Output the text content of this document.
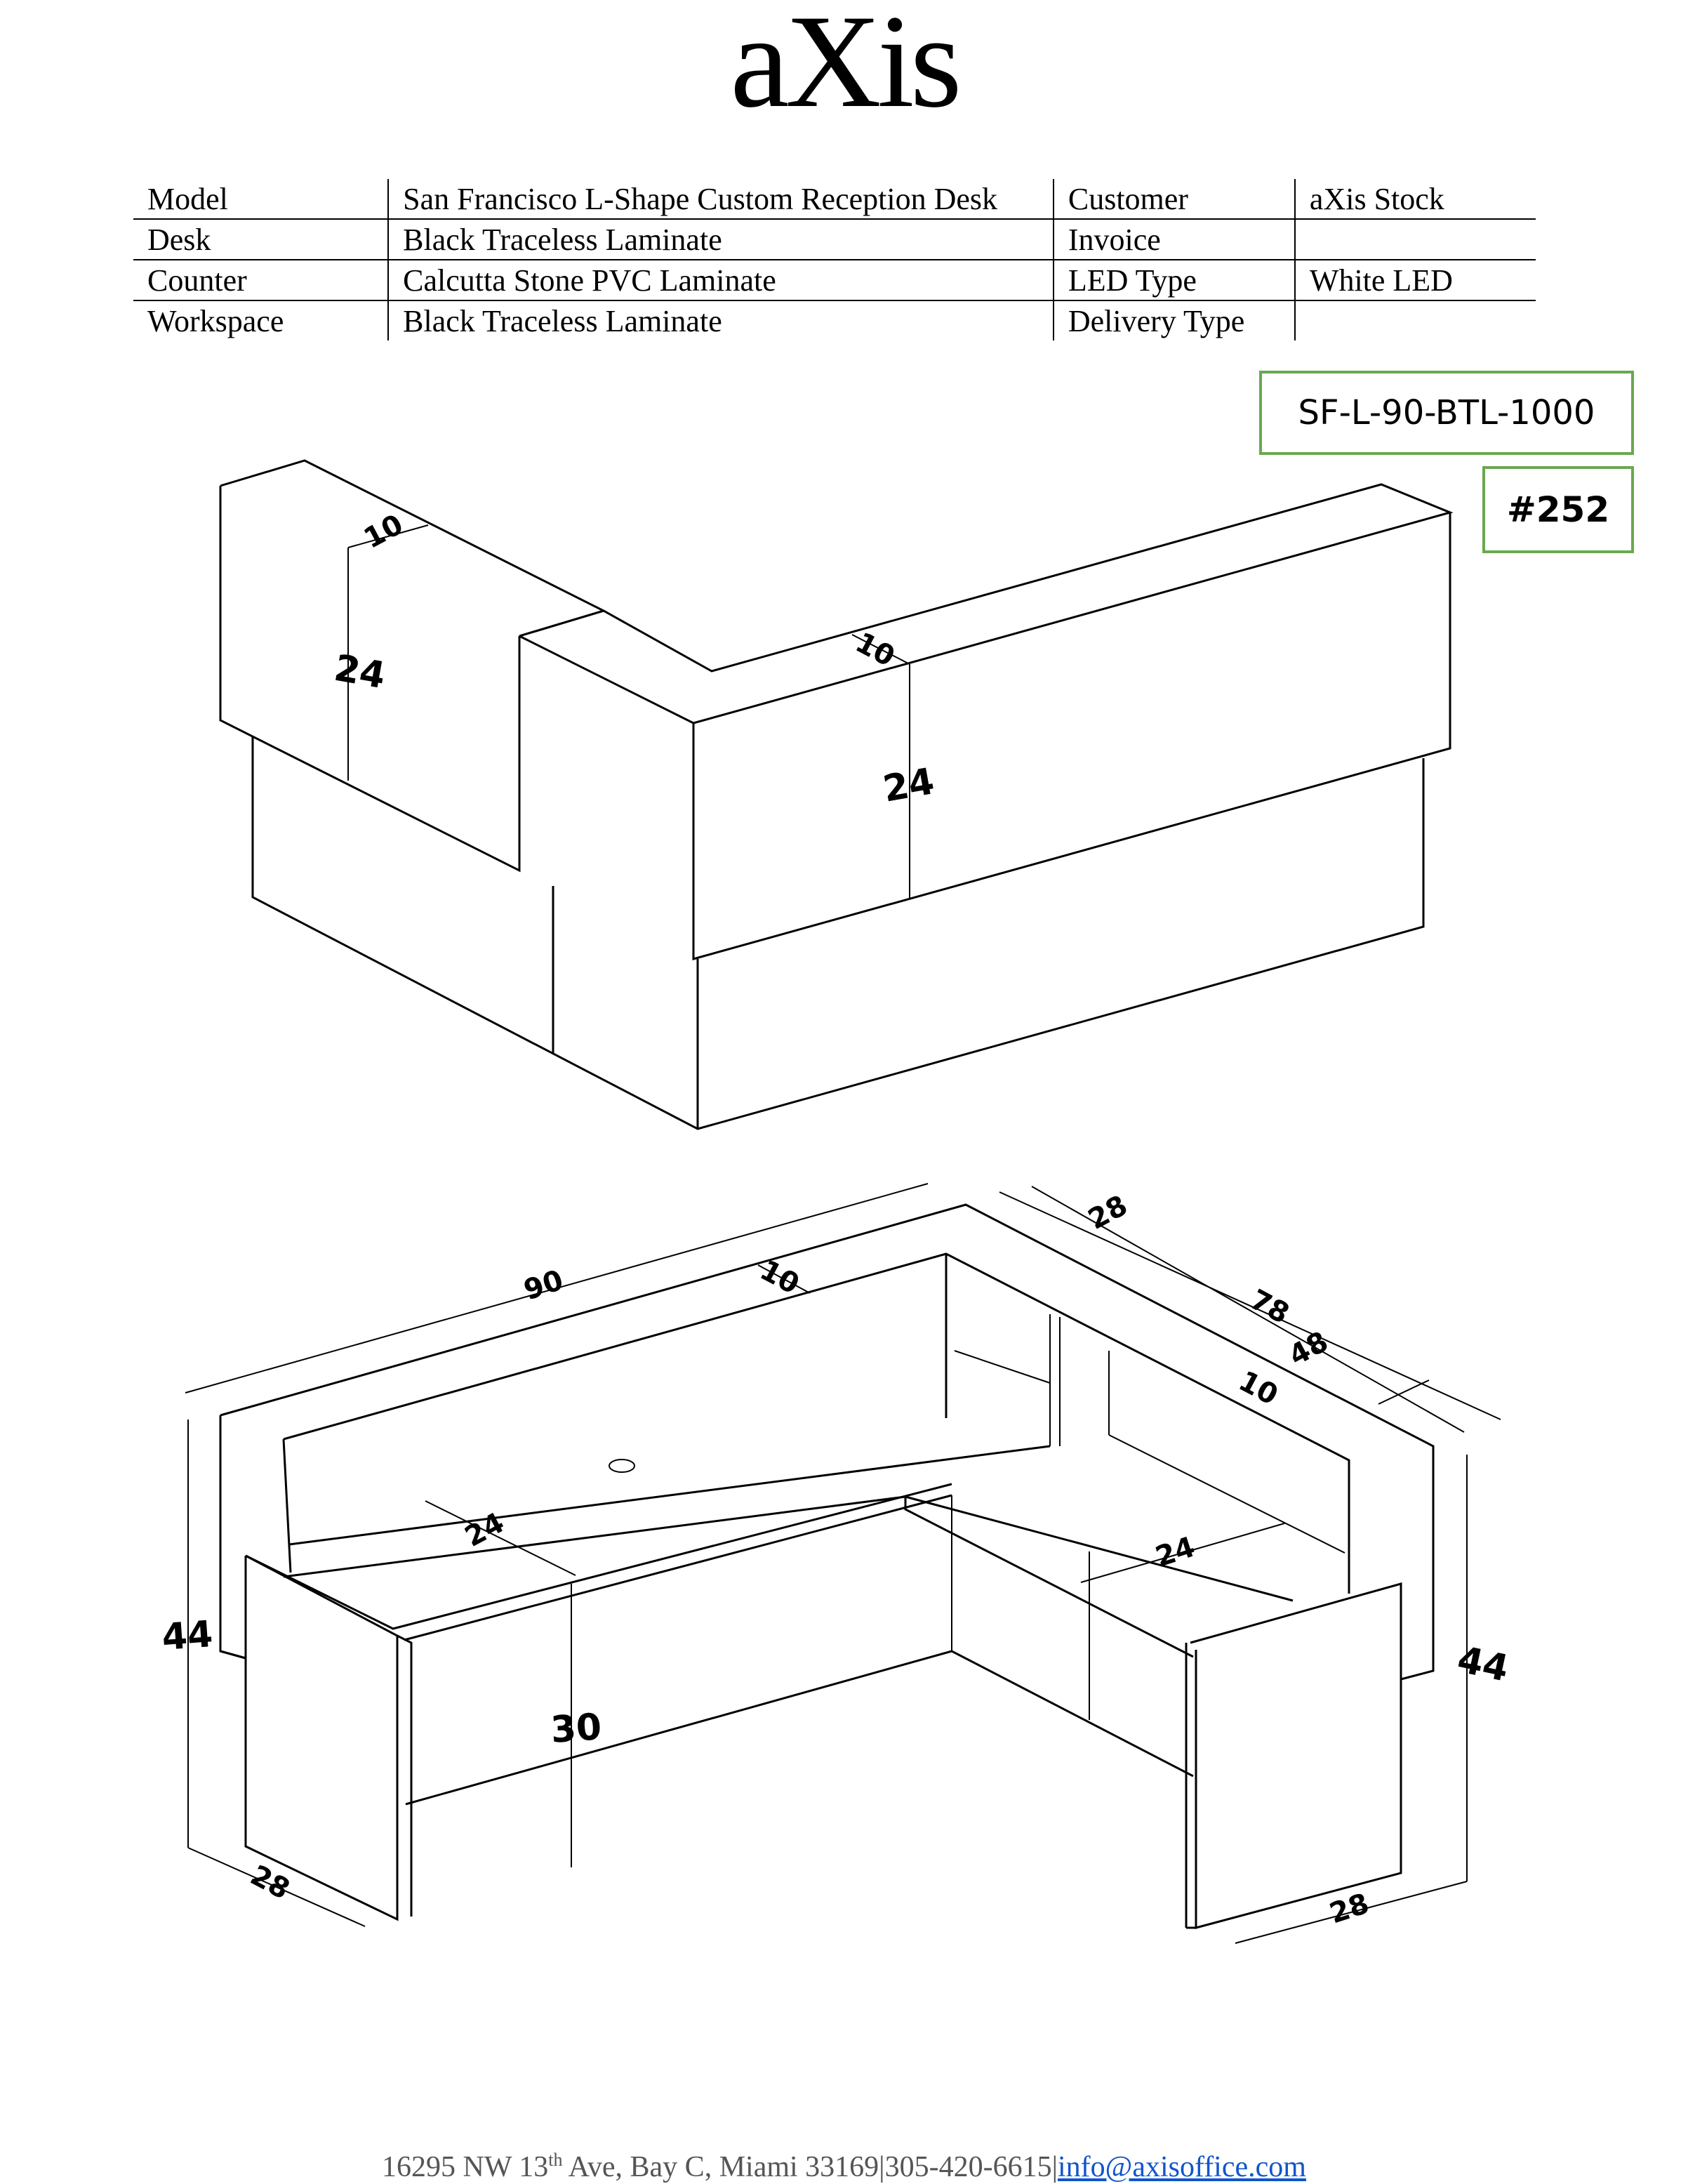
aXis
Model	San Francisco L-Shape Custom Reception Desk	Customer	aXis Stock
Desk	Black Traceless Laminate	Invoice	
Counter	Calcutta Stone PVC Laminate	LED Type	White LED
Workspace	Black Traceless Laminate	Delivery Type	
SF-L-90-BTL-1000
#252
10
24	10
24
90	10
28
78
48
10
44
44
24	24
30
28
28
16295 NW 13th Ave, Bay C, Miami 33169|305-420-6615|info@axisoffice.com
